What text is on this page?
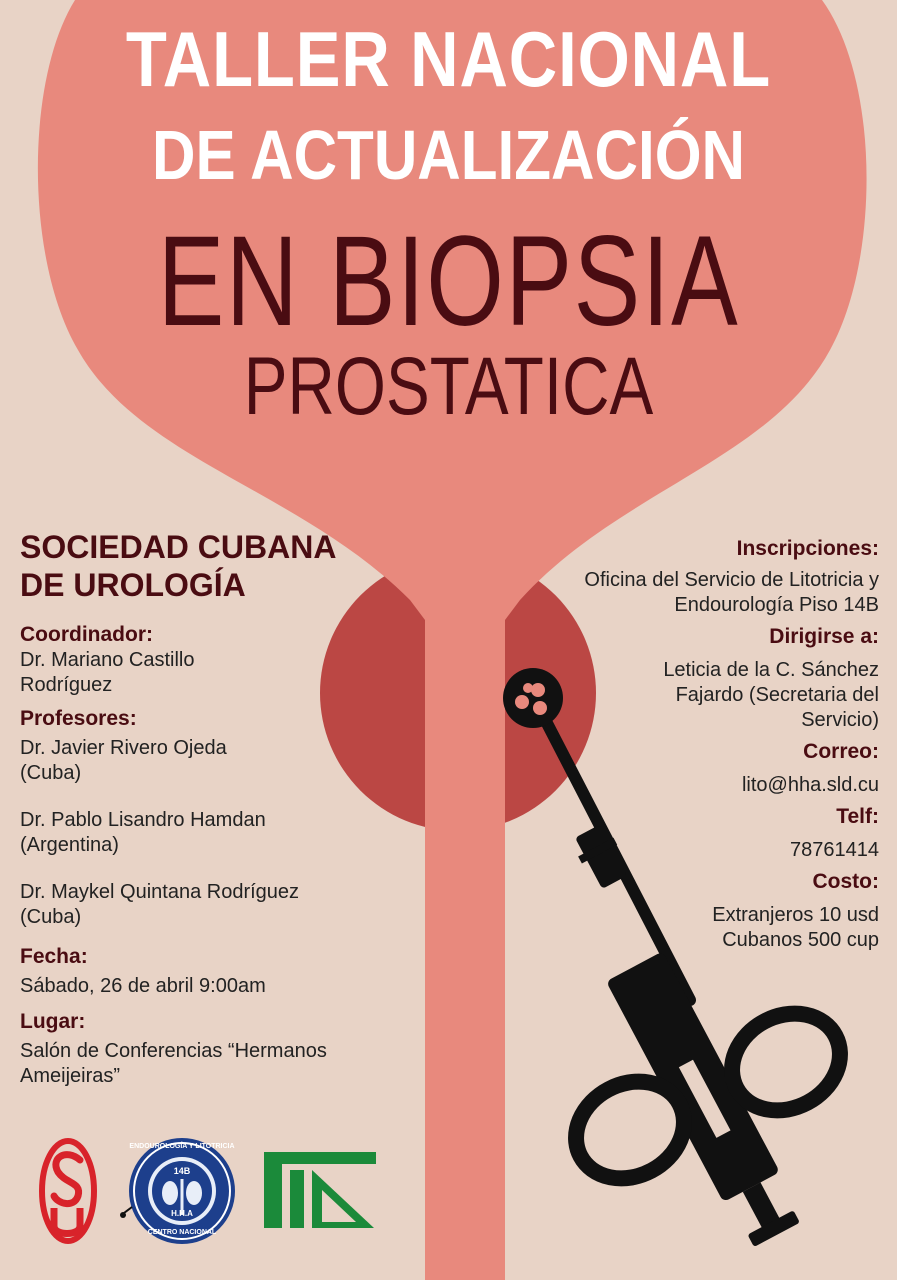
TALLER NACIONAL
DE ACTUALIZACIÓN
EN BIOPSIA
PROSTATICA
SOCIEDAD CUBANA
DE UROLOGÍA

Coordinador:

Dr. Mariano Castillo

Rodríguez

Profesores:

Dr. Javier Rivero Ojeda

(Cuba)

Dr. Pablo Lisandro Hamdan

(Argentina)

Dr. Maykel Quintana Rodríguez

(Cuba)

Fecha:

Sábado, 26 de abril 9:00am

Lugar:

Salón de Conferencias “Hermanos

Ameijeiras”

Inscripciones:

Oficina del Servicio de Litotricia y

Endourología Piso 14B

Dirigirse a:

Leticia de la C. Sánchez

Fajardo (Secretaria del

Servicio)

Correo:

lito@hha.sld.cu

Telf:

78761414

Costo:

Extranjeros 10 usd

Cubanos 500 cup

ENDOUROLOGÍA Y LITOTRICIA
14B
H.H.A
CENTRO NACIONAL
